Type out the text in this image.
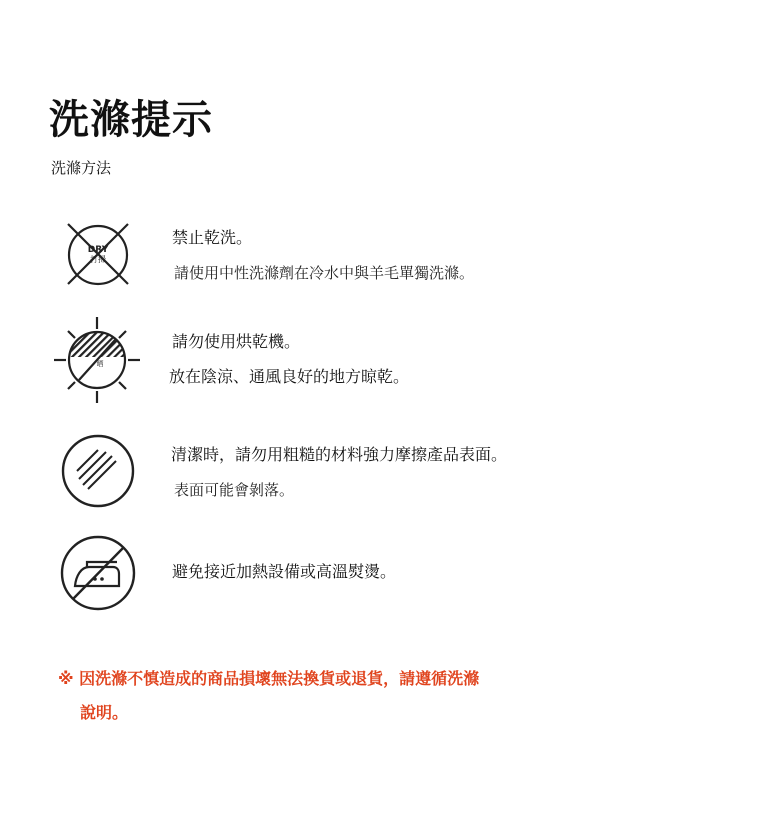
洗滌提示
洗滌方法
DRY
打掃
禁止乾洗。
請使用中性洗滌劑在冷水中與羊毛單獨洗滌。
晒
請勿使用烘乾機。
放在陰涼、通風良好的地方晾乾。
清潔時，請勿用粗糙的材料強力摩擦產品表面。
表面可能會剝落。
避免接近加熱設備或高溫熨燙。
※ 因洗滌不慎造成的商品損壞無法換貨或退貨，請遵循洗滌
說明。
